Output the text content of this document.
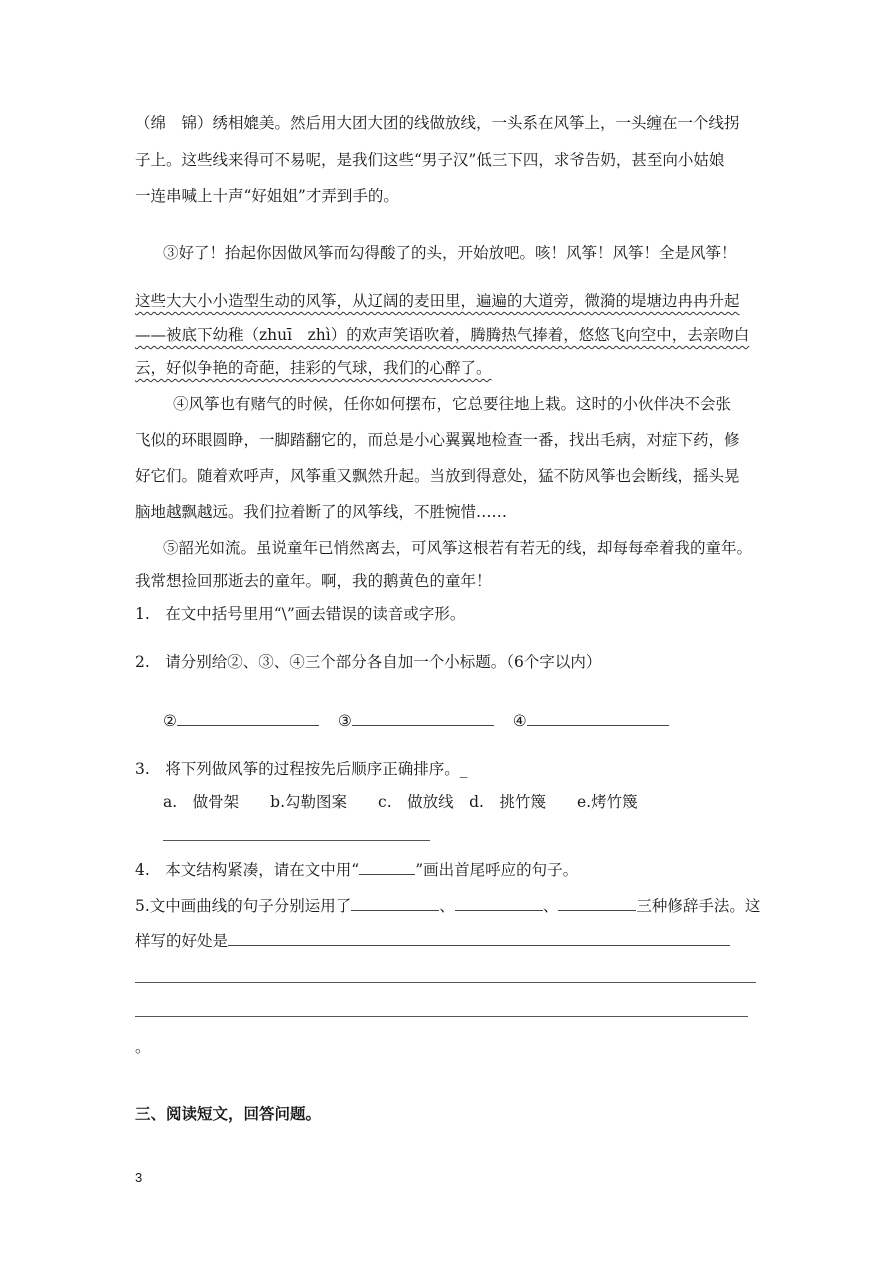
（绵　锦）绣相媲美。然后用大团大团的线做放线，一头系在风筝上，一头缠在一个线拐
子上。这些线来得可不易呢，是我们这些“男子汉”低三下四，求爷告奶，甚至向小姑娘
一连串喊上十声“好姐姐”才弄到手的。
③好了！抬起你因做风筝而勾得酸了的头，开始放吧。咳！风筝！风筝！全是风筝！
这些大大小小造型生动的风筝，从辽阔的麦田里，遍遍的大道旁，微漪的堤塘边冉冉升起
——被底下幼稚（zhuī　zhì）的欢声笑语吹着，腾腾热气捧着，悠悠飞向空中，去亲吻白
云，好似争艳的奇葩，挂彩的气球，我们的心醉了。
④风筝也有赌气的时候，任你如何摆布，它总要往地上栽。这时的小伙伴决不会张
飞似的环眼圆睁，一脚踏翻它的，而总是小心翼翼地检查一番，找出毛病，对症下药，修
好它们。随着欢呼声，风筝重又飘然升起。当放到得意处，猛不防风筝也会断线，摇头晃
脑地越飘越远。我们拉着断了的风筝线，不胜惋惜……
⑤韶光如流。虽说童年已悄然离去，可风筝这根若有若无的线，却每每牵着我的童年。
我常想捡回那逝去的童年。啊，我的鹅黄色的童年！
1.　在文中括号里用“\”画去错误的读音或字形。
2.　请分别给②、③、④三个部分各自加一个小标题。（6个字以内）
②	③	④
3.　将下列做风筝的过程按先后顺序正确排序。_
a.　做骨架　　b.勾勒图案　　c.　做放线　d.　挑竹篾　　e.烤竹篾
4.　本文结构紧凑，请在文中用“	”画出首尾呼应的句子。
5.文中画曲线的句子分别运用了	、	、	三种修辞手法。这
样写的好处是
。
三、阅读短文，回答问题。
3
